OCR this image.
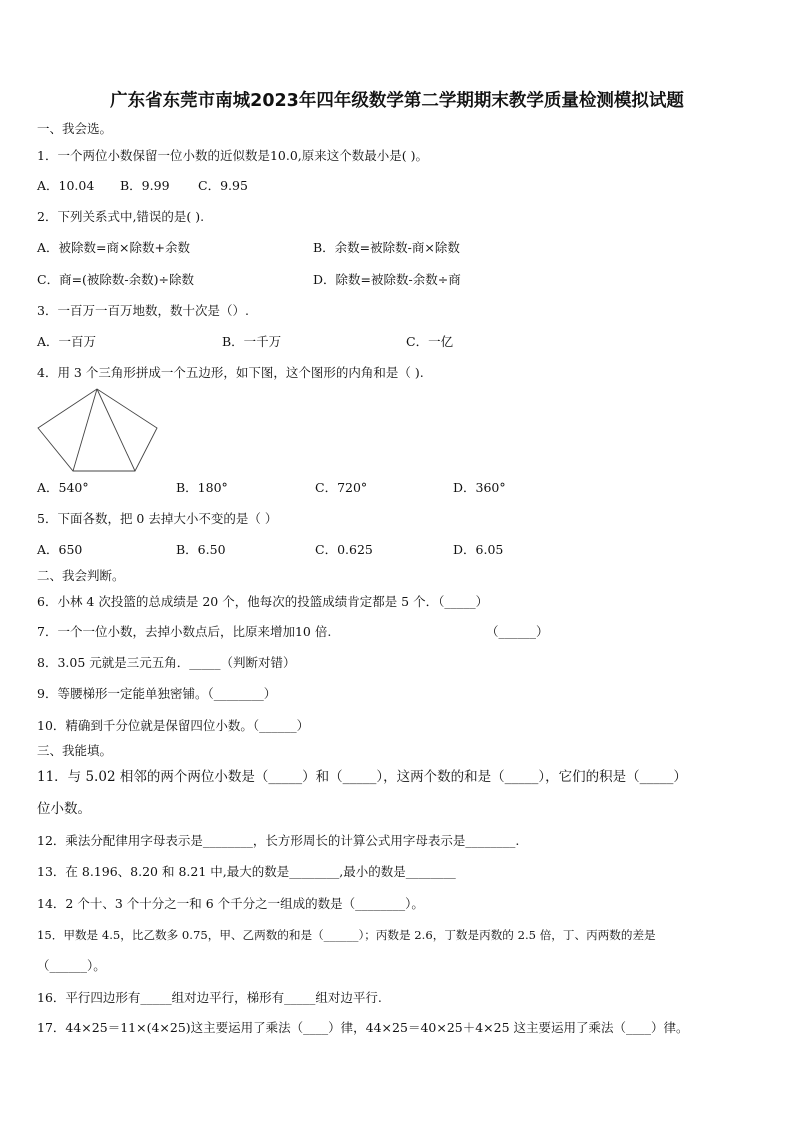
广东省东莞市南城2023年四年级数学第二学期期末教学质量检测模拟试题
一、我会选。
1．一个两位小数保留一位小数的近似数是10.0,原来这个数最小是( )。
A．10.04 B．9.99 C．9.95
2．下列关系式中,错误的是( ).
A．被除数=商×除数+余数	B．余数=被除数-商×除数
C．商=(被除数-余数)÷除数	D．除数=被除数-余数÷商
3．一百万一百万地数，数十次是（）.
A．一百万	B．一千万	C．一亿
4．用 3 个三角形拼成一个五边形，如下图，这个图形的内角和是（ ).
A．540°	B．180°	C．720°	D．360°
5．下面各数，把 0 去掉大小不变的是（ ）
A．650	B．6.50	C．0.625	D．6.05
二、我会判断。
6．小林 4 次投篮的总成绩是 20 个，他每次的投篮成绩肯定都是 5 个．（_____）
7．一个一位小数，去掉小数点后，比原来增加10 倍.	（______）
8．3.05 元就是三元五角．_____（判断对错）
9．等腰梯形一定能单独密铺。（________）
10．精确到千分位就是保留四位小数。（______）
三、我能填。
11．与 5.02 相邻的两个两位小数是（_____）和（_____），这两个数的和是（_____），它们的积是（_____）
位小数。
12．乘法分配律用字母表示是________，长方形周长的计算公式用字母表示是________.
13．在 8.196、8.20 和 8.21 中,最大的数是________,最小的数是________
14．2 个十、3 个十分之一和 6 个千分之一组成的数是（________）。
15．甲数是 4.5，比乙数多 0.75，甲、乙两数的和是（______）；丙数是 2.6，丁数是丙数的 2.5 倍，丁、丙两数的差是
（______）。
16．平行四边形有_____组对边平行，梯形有_____组对边平行.
17．44×25＝11×(4×25)这主要运用了乘法（____）律，44×25＝40×25＋4×25 这主要运用了乘法（____）律。
